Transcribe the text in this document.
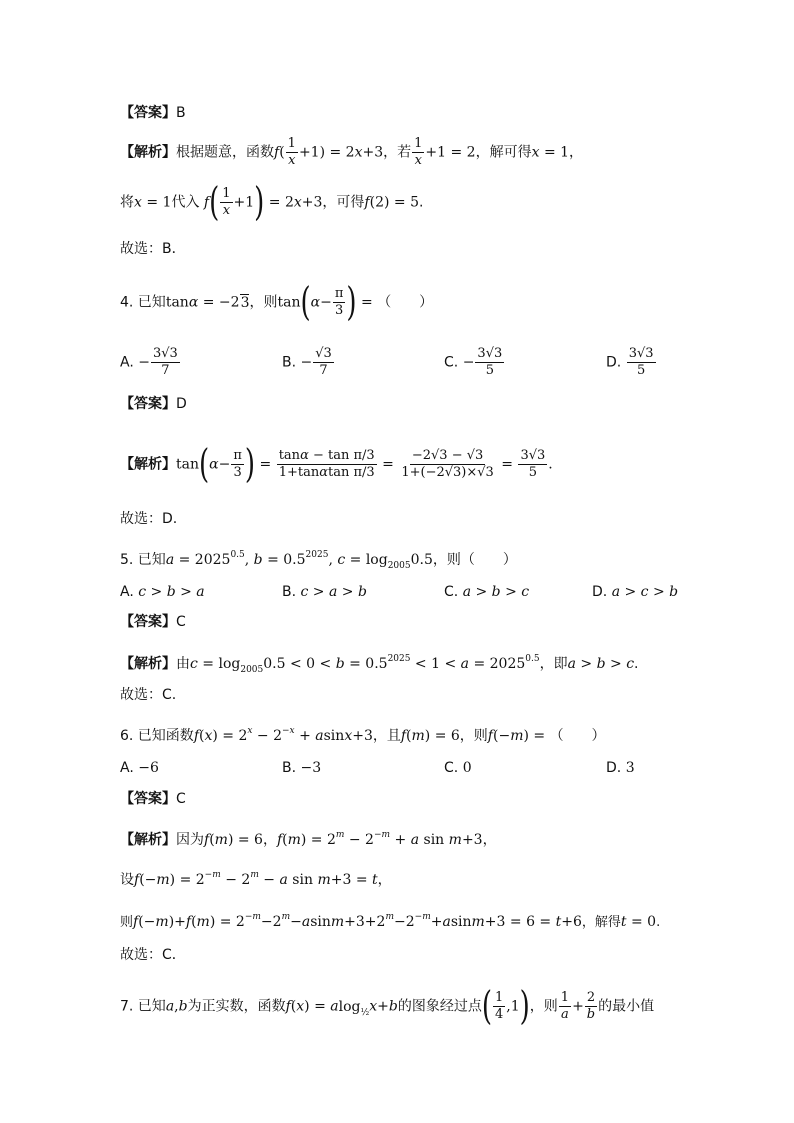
【答案】B
【解析】根据题意，函数$f( \frac{1}{x} +1) = 2x+3$，若 $\frac{1}{x} +1 = 2$，解可得x = 1，
将x = 1代入 $f( \frac{1}{x} +1) = 2x+3$，可得f(2) = 5.
故选：B．
4. 已知tanα = −23，则$\tan(\alpha- \frac{\pi}{3}$ ) = （　　）
A. − $\frac{3√3}{7}$	B. − $\frac{√3}{7}$	C. − $\frac{3√3}{5}$	D. $\frac{3√3}{5}$
【答案】D
【解析】$\tan(\alpha- \frac{\pi}{3}$ ) = $\frac{\text{tanα − tan π/3}}{\text{1+tanαtan π/3}} = \frac{-2√3 - √3}{1+(-2√3)\times√3} = \frac{3√3}{5}$ .
故选：D.
5. 已知$a = 2025^{0.5}$, $b = 0.5^{2025}$, $c = \log_{2005}0.5$，则（　　）
A. c > b > a	B. c > a > b	C. a > b > c	D. a > c > b
【答案】C
【解析】由$c = \log_{2005}0.5 < 0 < b = 0.5^{2025} < 1 < a = 2025^{0.5}$，即a > b > c.
故选：C.
6. 已知函数$f(x) = 2^x - 2^{-x} + asinx+3$，且f(m) = 6，则f(−m) = （　　）
A. −6	B. −3	C. 0	D. 3
【答案】C
【解析】因为f(m) = 6，$f(m) = 2^m - 2^{-m} + a$ sin m+3，
设$f(-m) = 2^{-m} - 2^m - a$ sin m+3 = t，
则$f(-m)+f(m) = 2^{-m}-2^m-asinm+3+2^m-2^{-m}+asinm+3 = 6 = t+6$，解得t = 0.
故选：C．
7. 已知a,b为正实数，函数f(x) = alog$_{\frac{1}{2}}$x+b的图象经过点( $\frac{1}{4} ,1$)，则 $\frac{1}{a} + \frac{2}{b}$ 的最小值
